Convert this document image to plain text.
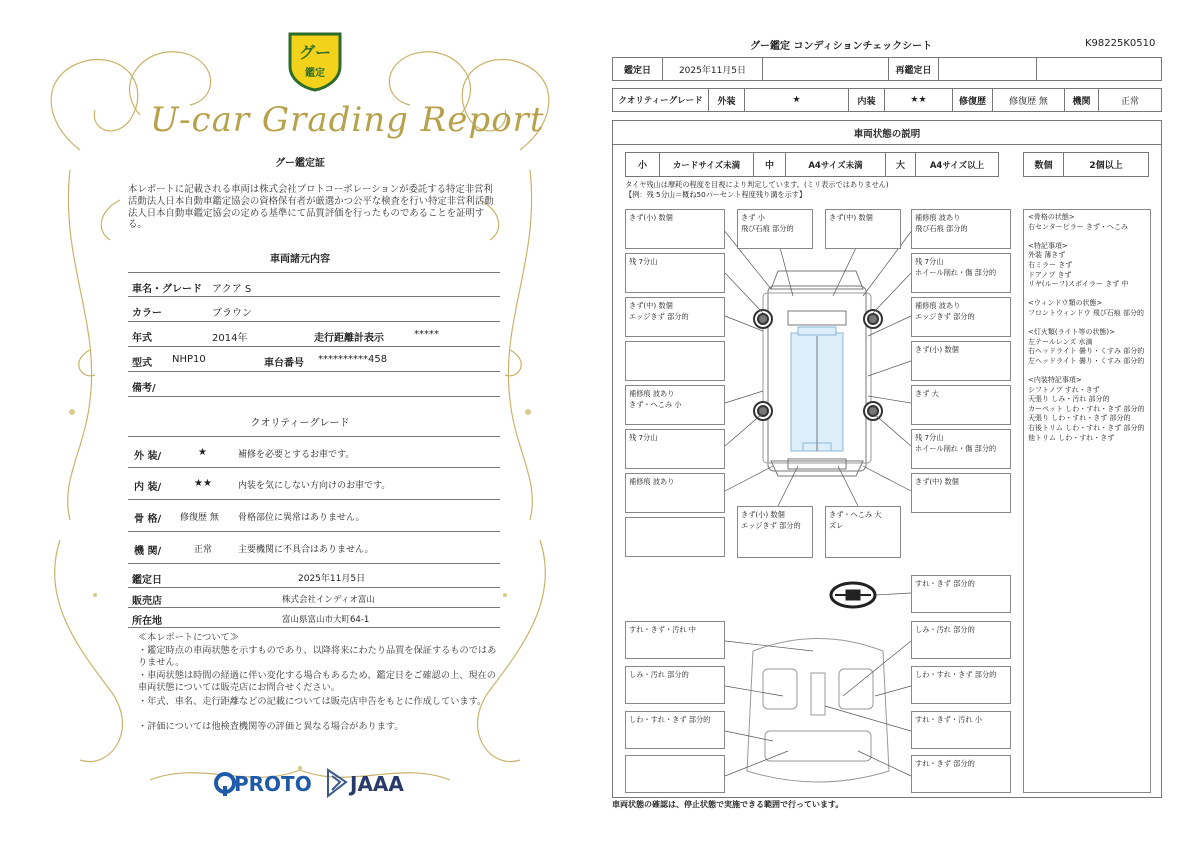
グー
鑑定
U-car Grading Report
グー鑑定証
本レポートに記載される車両は株式会社プロトコーポレーションが委託する特定非営利活動法人日本自動車鑑定協会の資格保有者が厳選かつ公平な検査を行い特定非営利活動法人日本自動車鑑定協会の定める基準にて品質評価を行ったものであることを証明する。
車両諸元内容
車名・グレード アクア S
カラー	ブラウン
年式	2014年	走行距離計表示	*****
型式 NHP10	車台番号 **********458
備考/
クオリティーグレード
外 装/	★	補修を必要とするお車です。
内 装/	★★	内装を気にしない方向けのお車です。
骨 格/ 修復歴 無 骨格部位に異常はありません。
機 関/	正常	主要機関に不具合はありません。
鑑定日	2025年11月5日
販売店	株式会社インディオ富山
所在地	富山県富山市大町64-1
≪本レポートについて≫
・鑑定時点の車両状態を示すものであり、以降将来にわたり品質を保証するものではありません。
・車両状態は時間の経過に伴い変化する場合もあるため、鑑定日をご確認の上、現在の車両状態については販売店にお問合せください。
・年式、車名、走行距離などの記載については販売店申告をもとに作成しています。
・評価については他検査機関等の評価と異なる場合があります。
PROTO JAAA
グー鑑定 コンディションチェックシート	K98225K0510
鑑定日	2025年11月5日	再鑑定日
クオリティーグレード	外装	★	内装	★★	修復歴	修復歴 無	機関	正常
車両状態の説明
小	カードサイズ未満	中	A4サイズ未満	大	A4サイズ以上	数個	2個以上
タイヤ残山は摩耗の程度を目視により判定しています。(ミリ表示ではありません)
【例：残 5分山＝概ね50パーセント程度残り溝を示す】
きず(小) 数個	きず 小
飛び石痕 部分的
きず(中) 数個	補修痕 波あり
飛び石痕 部分的
残 7分山	残 7分山
ホイール削れ・傷 部分的
きず(中) 数個
エッジきず 部分的
補修痕 波あり
エッジきず 部分的
きず(小) 数個
補修痕 波あり
きず・へこみ 小
きず 大
残 7分山	残 7分山
ホイール削れ・傷 部分的
補修痕 波あり	きず(中) 数個
きず(小) 数個
エッジきず 部分的
きず・へこみ 大
ズレ
すれ・きず 部分的
すれ・きず・汚れ 中	しみ・汚れ 部分的
しみ・汚れ 部分的	しわ・すれ・きず 部分的
しわ・すれ・きず 部分的	すれ・きず・汚れ 小
すれ・きず 部分的
<骨格の状態>
右センターピラー きず・へこみ
<特記事項>
外装 薄きず
右ミラー きず
ドアノブ きず
リヤ(ルーフ)スポイラー きず 中
<ウィンドウ類の状態>
フロントウィンドウ 飛び石痕 部分的
<灯火類(ライト等の状態)>
左テールレンズ 水滴
右ヘッドライト 曇り・くすみ 部分的
左ヘッドライト 曇り・くすみ 部分的
<内装特記事項>
シフトノブ すれ・きず
天張り しみ・汚れ 部分的
カーペット しわ・すれ・きず 部分的
天張り しわ・すれ・きず 部分的
右後トリム しわ・すれ・きず 部分的
他トリム しわ・すれ・きず
車両状態の確認は、停止状態で実施できる範囲で行っています。
